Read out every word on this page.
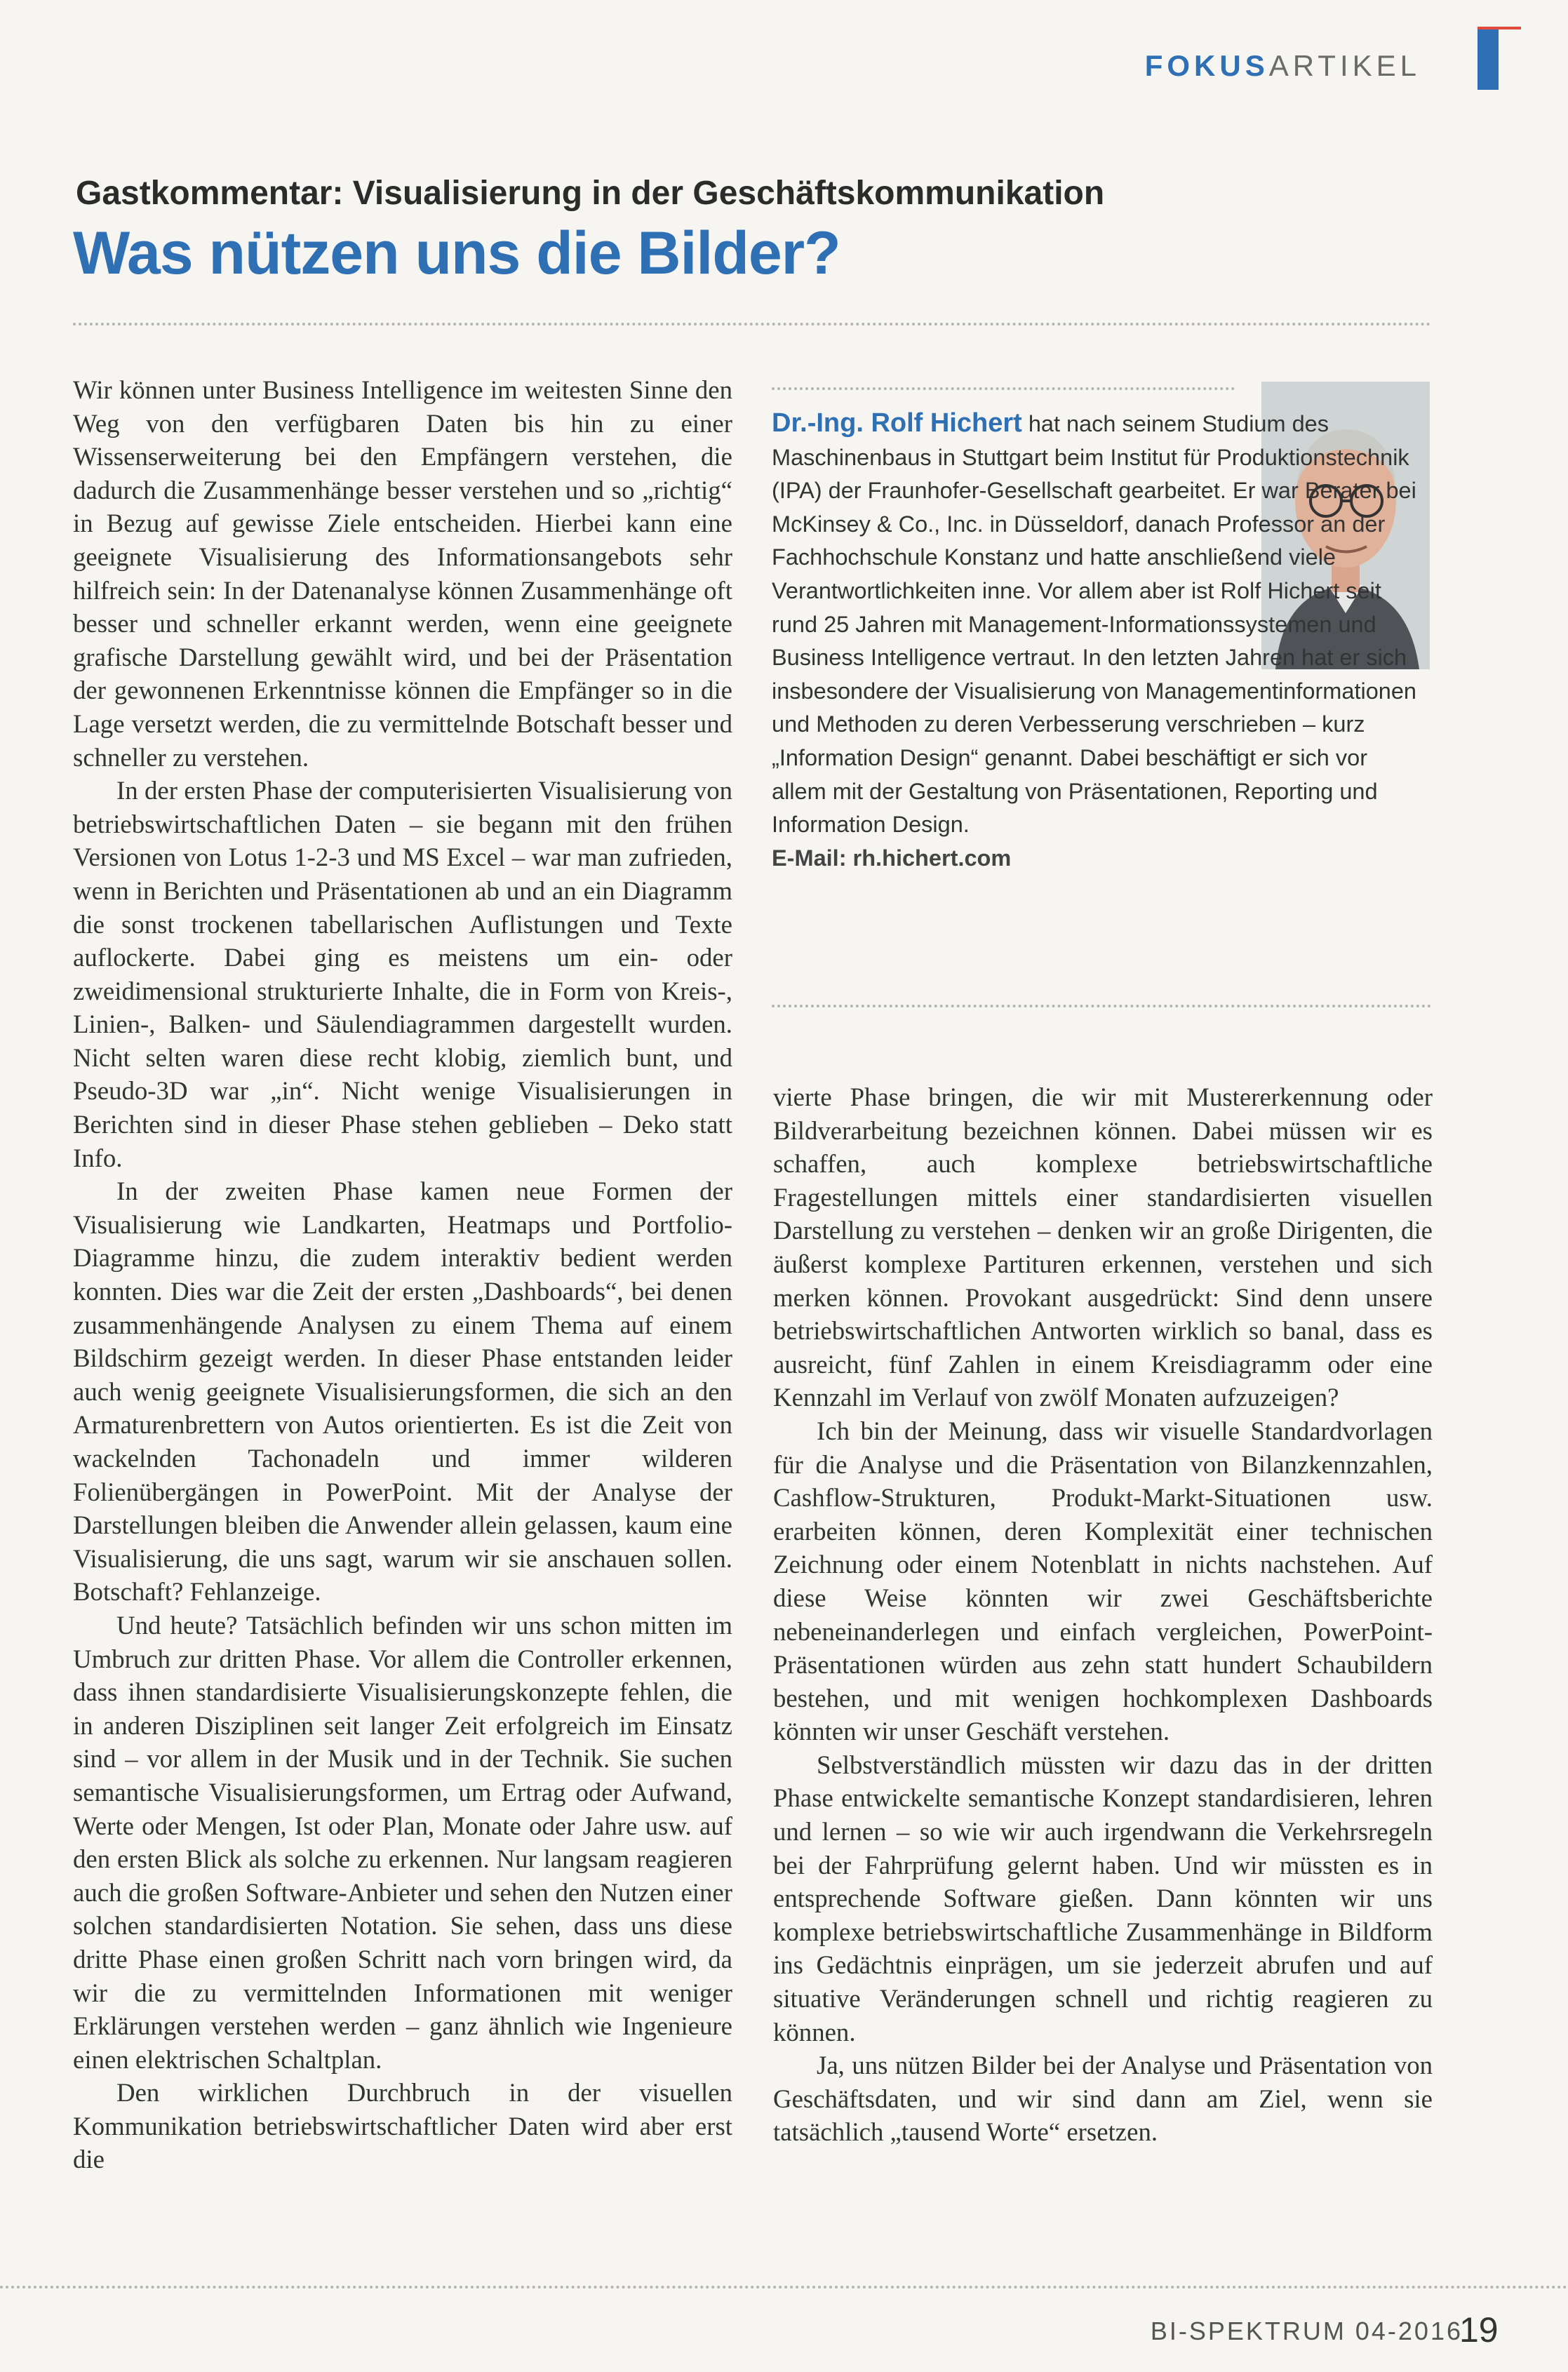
FOKUSARTIKEL
Gastkommentar: Visualisierung in der Geschäftskommunikation
Was nützen uns die Bilder?

Wir können unter Business Intelligence im weitesten Sinne den Weg von den verfügbaren Daten bis hin zu einer Wissenserweiterung bei den Empfängern verstehen, die dadurch die Zusammenhänge besser verstehen und so „richtig“ in Bezug auf gewisse Ziele entscheiden. Hierbei kann eine geeignete Visualisierung des Informationsangebots sehr hilfreich sein: In der Datenanalyse können Zusammenhänge oft besser und schneller erkannt werden, wenn eine geeignete grafische Darstellung gewählt wird, und bei der Präsentation der gewonnenen Erkenntnisse können die Empfänger so in die Lage versetzt werden, die zu vermittelnde Botschaft besser und schneller zu verstehen.

In der ersten Phase der computerisierten Visualisierung von betriebswirtschaftlichen Daten – sie begann mit den frühen Versionen von Lotus 1-2-3 und MS Excel – war man zufrieden, wenn in Berichten und Präsentationen ab und an ein Diagramm die sonst trockenen tabellarischen Auflistungen und Texte auflockerte. Dabei ging es meistens um ein- oder zweidimensional strukturierte Inhalte, die in Form von Kreis-, Linien-, Balken- und Säulendiagrammen dargestellt wurden. Nicht selten waren diese recht klobig, ziemlich bunt, und Pseudo-3D war „in“. Nicht wenige Visualisierungen in Berichten sind in dieser Phase stehen geblieben – Deko statt Info.

In der zweiten Phase kamen neue Formen der Visualisierung wie Landkarten, Heatmaps und Portfolio-Diagramme hinzu, die zudem interaktiv bedient werden konnten. Dies war die Zeit der ersten „Dashboards“, bei denen zusammenhängende Analysen zu einem Thema auf einem Bildschirm gezeigt werden. In dieser Phase entstanden leider auch wenig geeignete Visualisierungsformen, die sich an den Armaturenbrettern von Autos orientierten. Es ist die Zeit von wackelnden Tachonadeln und immer wilderen Folienübergängen in PowerPoint. Mit der Analyse der Darstellungen bleiben die Anwender allein gelassen, kaum eine Visualisierung, die uns sagt, warum wir sie anschauen sollen. Botschaft? Fehlanzeige.

Und heute? Tatsächlich befinden wir uns schon mitten im Umbruch zur dritten Phase. Vor allem die Controller erkennen, dass ihnen standardisierte Visualisierungskonzepte fehlen, die in anderen Disziplinen seit langer Zeit erfolgreich im Einsatz sind – vor allem in der Musik und in der Technik. Sie suchen semantische Visualisierungsformen, um Ertrag oder Aufwand, Werte oder Mengen, Ist oder Plan, Monate oder Jahre usw. auf den ersten Blick als solche zu erkennen. Nur langsam reagieren auch die großen Software-Anbieter und sehen den Nutzen einer solchen standardisierten Notation. Sie sehen, dass uns diese dritte Phase einen großen Schritt nach vorn bringen wird, da wir die zu vermittelnden Informationen mit weniger Erklärungen verstehen werden – ganz ähnlich wie Ingenieure einen elektrischen Schaltplan.

Den wirklichen Durchbruch in der visuellen Kommunikation betriebswirtschaftlicher Daten wird aber erst die

Dr.-Ing. Rolf Hichert hat nach seinem Studium des Maschinenbaus in Stuttgart beim Institut für Produktionstechnik (IPA) der Fraunhofer-Gesellschaft gearbeitet. Er war Berater bei McKinsey & Co., Inc. in Düsseldorf, danach Professor an der Fachhochschule Konstanz und hatte anschließend viele Verantwortlichkeiten inne. Vor allem aber ist Rolf Hichert seit rund 25 Jahren mit Management-Informationssystemen und Business Intelligence vertraut. In den letzten Jahren hat er sich insbesondere der Visualisierung von Managementinformationen und Methoden zu deren Verbesserung verschrieben – kurz „Information Design“ genannt. Dabei beschäftigt er sich vor allem mit der Gestaltung von Präsentationen, Reporting und Information Design.
E-Mail: rh.hichert.com

vierte Phase bringen, die wir mit Mustererkennung oder Bildverarbeitung bezeichnen können. Dabei müssen wir es schaffen, auch komplexe betriebswirtschaftliche Fragestellungen mittels einer standardisierten visuellen Darstellung zu verstehen – denken wir an große Dirigenten, die äußerst komplexe Partituren erkennen, verstehen und sich merken können. Provokant ausgedrückt: Sind denn unsere betriebswirtschaftlichen Antworten wirklich so banal, dass es ausreicht, fünf Zahlen in einem Kreisdiagramm oder eine Kennzahl im Verlauf von zwölf Monaten aufzuzeigen?

Ich bin der Meinung, dass wir visuelle Standardvorlagen für die Analyse und die Präsentation von Bilanzkennzahlen, Cashflow-Strukturen, Produkt-Markt-Situationen usw. erarbeiten können, deren Komplexität einer technischen Zeichnung oder einem Notenblatt in nichts nachstehen. Auf diese Weise könnten wir zwei Geschäftsberichte nebeneinanderlegen und einfach vergleichen, PowerPoint-Präsentationen würden aus zehn statt hundert Schaubildern bestehen, und mit wenigen hochkomplexen Dashboards könnten wir unser Geschäft verstehen.

Selbstverständlich müssten wir dazu das in der dritten Phase entwickelte semantische Konzept standardisieren, lehren und lernen – so wie wir auch irgendwann die Verkehrsregeln bei der Fahrprüfung gelernt haben. Und wir müssten es in entsprechende Software gießen. Dann könnten wir uns komplexe betriebswirtschaftliche Zusammenhänge in Bildform ins Gedächtnis einprägen, um sie jederzeit abrufen und auf situative Veränderungen schnell und richtig reagieren zu können.

Ja, uns nützen Bilder bei der Analyse und Präsentation von Geschäftsdaten, und wir sind dann am Ziel, wenn sie tatsächlich „tausend Worte“ ersetzen.

BI-SPEKTRUM 04-2016
19
